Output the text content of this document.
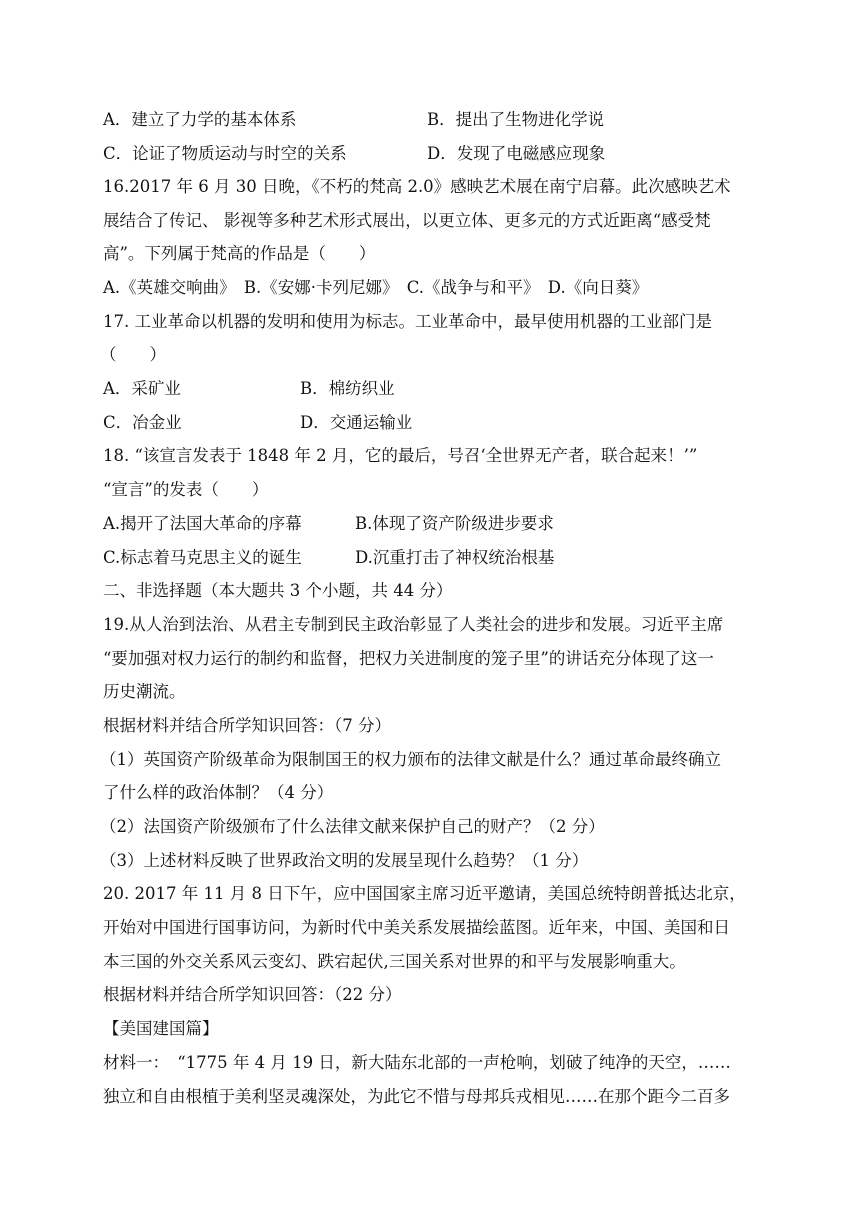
A．建立了力学的基本体系	B．提出了生物进化学说
C．论证了物质运动与时空的关系	D．发现了电磁感应现象
16.2017 年 6 月 30 日晚，《不朽的梵高 2.0》感映艺术展在南宁启幕。此次感映艺术
展结合了传记、 影视等多种艺术形式展出，以更立体、更多元的方式近距离“感受梵
高”。下列属于梵高的作品是（　　）
A.《英雄交响曲》　B.《安娜·卡列尼娜》　C.《战争与和平》　D.《向日葵》
17. 工业革命以机器的发明和使用为标志。工业革命中，最早使用机器的工业部门是
（　　）
A．采矿业	B．棉纺织业
C．冶金业	D．交通运输业
18. “该宣言发表于 1848 年 2 月，它的最后，号召‘全世界无产者，联合起来！’”
“宣言”的发表（　　）
A.揭开了法国大革命的序幕	B.体现了资产阶级进步要求
C.标志着马克思主义的诞生	D.沉重打击了神权统治根基
二、非选择题（本大题共 3 个小题，共 44 分）
19.从人治到法治、从君主专制到民主政治彰显了人类社会的进步和发展。习近平主席
“要加强对权力运行的制约和监督，把权力关进制度的笼子里”的讲话充分体现了这一
历史潮流。
根据材料并结合所学知识回答：（7 分）
（1）英国资产阶级革命为限制国王的权力颁布的法律文献是什么？通过革命最终确立
了什么样的政治体制？（4 分）
（2）法国资产阶级颁布了什么法律文献来保护自己的财产？（2 分）
（3）上述材料反映了世界政治文明的发展呈现什么趋势？（1 分）
20. 2017 年 11 月 8 日下午，应中国国家主席习近平邀请，美国总统特朗普抵达北京，
开始对中国进行国事访问，为新时代中美关系发展描绘蓝图。近年来，中国、美国和日
本三国的外交关系风云变幻、跌宕起伏,三国关系对世界的和平与发展影响重大。
根据材料并结合所学知识回答：（22 分）
【美国建国篇】
材料一：　“1775 年 4 月 19 日，新大陆东北部的一声枪响，划破了纯净的天空，……
独立和自由根植于美利坚灵魂深处，为此它不惜与母邦兵戎相见……在那个距今二百多
